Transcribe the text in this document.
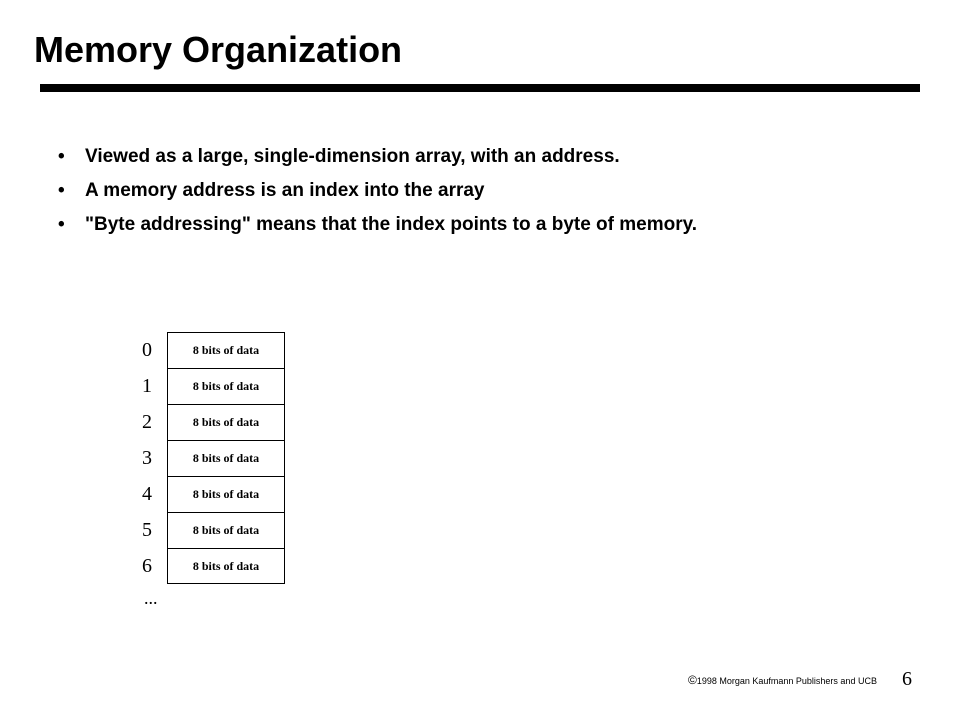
Memory Organization
• Viewed as a large, single-dimension array, with an address.
• A memory address is an index into the array
• "Byte addressing" means that the index points to a byte of memory.
0	8 bits of data
1	8 bits of data
2	8 bits of data
3	8 bits of data
4	8 bits of data
5	8 bits of data
6	8 bits of data
...
©1998 Morgan Kaufmann Publishers and UCB 6
